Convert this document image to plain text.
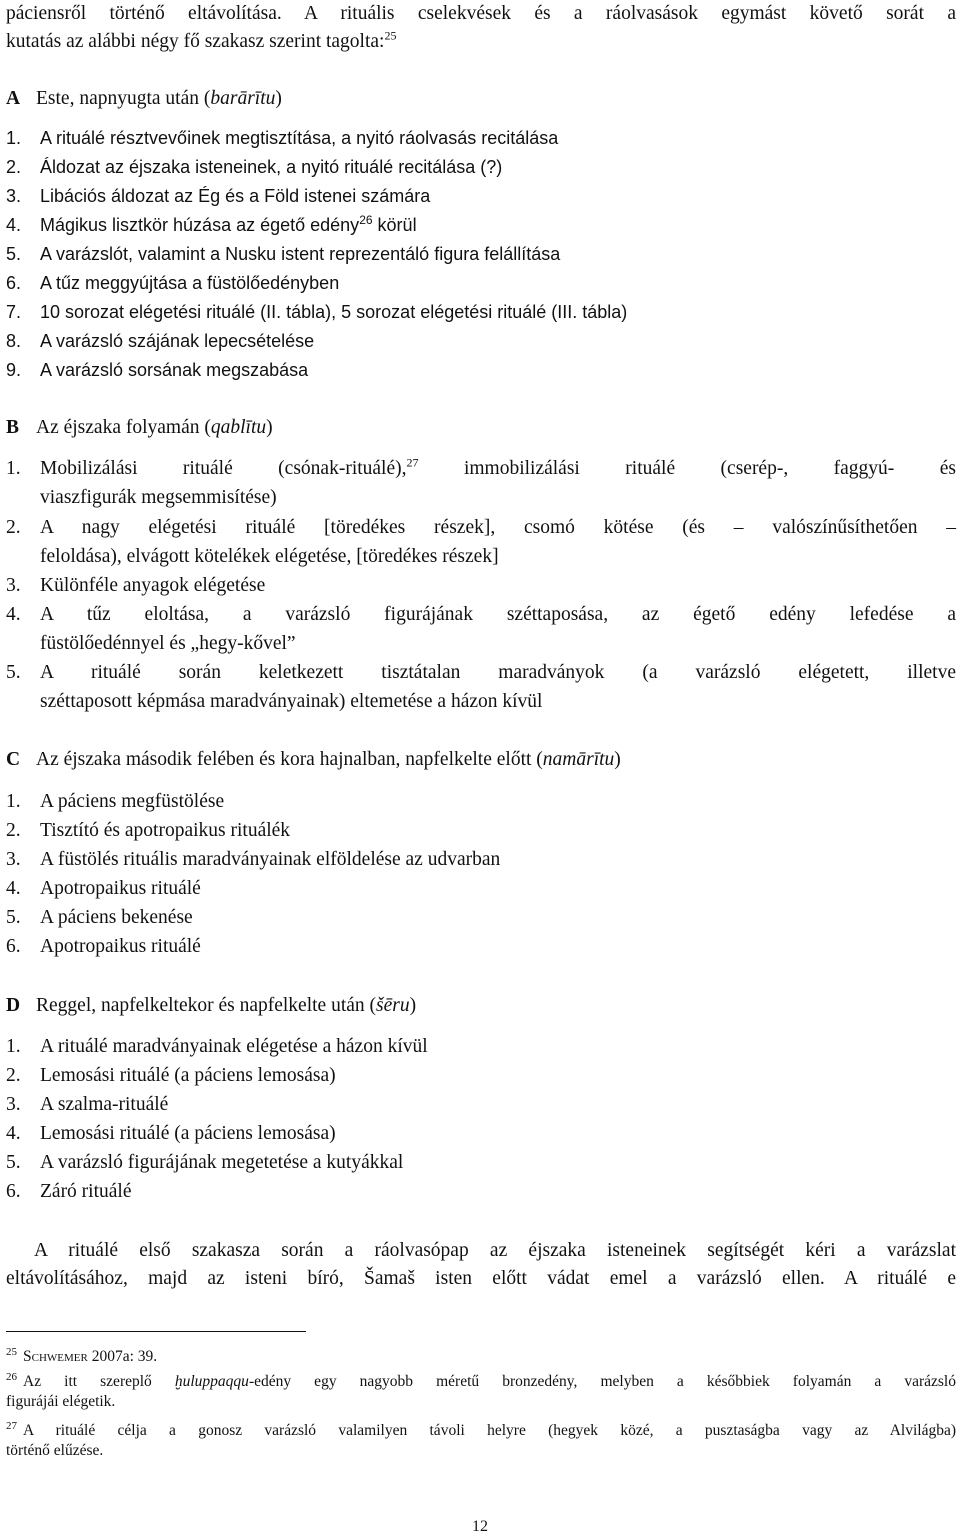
páciensről történő eltávolítása. A rituális cselekvések és a ráolvasások egymást követő sorát a
kutatás az alábbi négy fő szakasz szerint tagolta:$^{25}$
A Este, napnyugta után (barārītu)
1. A rituálé résztvevőinek megtisztítása, a nyitó ráolvasás recitálása
2. Áldozat az éjszaka isteneinek, a nyitó rituálé recitálása (?)
3. Libációs áldozat az Ég és a Föld istenei számára
4. Mágikus lisztkör húzása az égető edény$^{26}$ körül
5. A varázslót, valamint a Nusku istent reprezentáló figura felállítása
6. A tűz meggyújtása a füstölőedényben
7. 10 sorozat elégetési rituálé (II. tábla), 5 sorozat elégetési rituálé (III. tábla)
8. A varázsló szájának lepecsételése
9. A varázsló sorsának megszabása
B Az éjszaka folyamán (qablītu)
1. Mobilizálási rituálé (csónak-rituálé),$^{27}$ immobilizálási rituálé (cserép-, faggyú- és
viaszfigurák megsemmisítése)
2. A nagy elégetési rituálé [töredékes részek], csomó kötése (és – valószínűsíthetően –
feloldása), elvágott kötelékek elégetése, [töredékes részek]
3. Különféle anyagok elégetése
4. A tűz eloltása, a varázsló figurájának széttaposása, az égető edény lefedése a
füstölőedénnyel és „hegy-kővel”
5. A rituálé során keletkezett tisztátalan maradványok (a varázsló elégetett, illetve
széttaposott képmása maradványainak) eltemetése a házon kívül
C Az éjszaka második felében és kora hajnalban, napfelkelte előtt (namārītu)
1. A páciens megfüstölése
2. Tisztító és apotropaikus rituálék
3. A füstölés rituális maradványainak elföldelése az udvarban
4. Apotropaikus rituálé
5. A páciens bekenése
6. Apotropaikus rituálé
D Reggel, napfelkeltekor és napfelkelte után (šēru)
1. A rituálé maradványainak elégetése a házon kívül
2. Lemosási rituálé (a páciens lemosása)
3. A szalma-rituálé
4. Lemosási rituálé (a páciens lemosása)
5. A varázsló figurájának megetetése a kutyákkal
6. Záró rituálé
A rituálé első szakasza során a ráolvasópap az éjszaka isteneinek segítségét kéri a varázslat
eltávolításához, majd az isteni bíró, Šamaš isten előtt vádat emel a varázsló ellen. A rituálé e
$^{25}$ Schwemer 2007a: 39.
$^{26}$ Az itt szereplő ḫuluppaqqu-edény egy nagyobb méretű bronzedény, melyben a későbbiek folyamán a varázsló
figurájái elégetik.
$^{27}$ A rituálé célja a gonosz varázsló valamilyen távoli helyre (hegyek közé, a pusztaságba vagy az Alvilágba)
történő elűzése.
12
